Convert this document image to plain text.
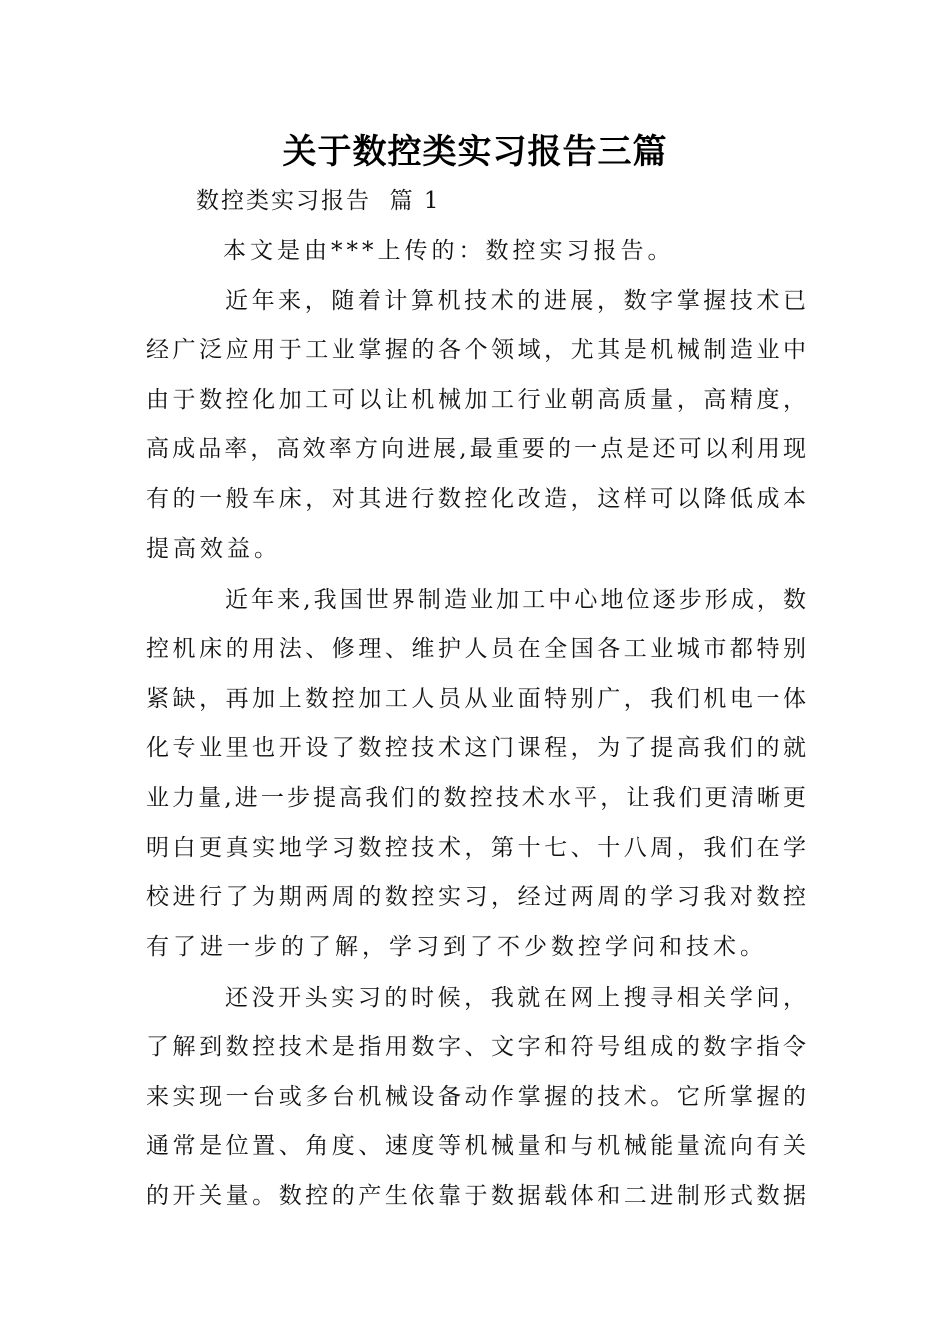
关于数控类实习报告三篇
数控类实习报告  篇 1
本文是由***上传的：数控实习报告。
近年来，随着计算机技术的进展，数字掌握技术已
经广泛应用于工业掌握的各个领域，尤其是机械制造业中
由于数控化加工可以让机械加工行业朝高质量，高精度，
高成品率，高效率方向进展,最重要的一点是还可以利用现
有的一般车床，对其进行数控化改造，这样可以降低成本
提高效益。
近年来,我国世界制造业加工中心地位逐步形成，数
控机床的用法、修理、维护人员在全国各工业城市都特别
紧缺，再加上数控加工人员从业面特别广，我们机电一体
化专业里也开设了数控技术这门课程，为了提高我们的就
业力量,进一步提高我们的数控技术水平，让我们更清晰更
明白更真实地学习数控技术，第十七、十八周，我们在学
校进行了为期两周的数控实习，经过两周的学习我对数控
有了进一步的了解，学习到了不少数控学问和技术。
还没开头实习的时候，我就在网上搜寻相关学问，
了解到数控技术是指用数字、文字和符号组成的数字指令
来实现一台或多台机械设备动作掌握的技术。它所掌握的
通常是位置、角度、速度等机械量和与机械能量流向有关
的开关量。数控的产生依靠于数据载体和二进制形式数据
